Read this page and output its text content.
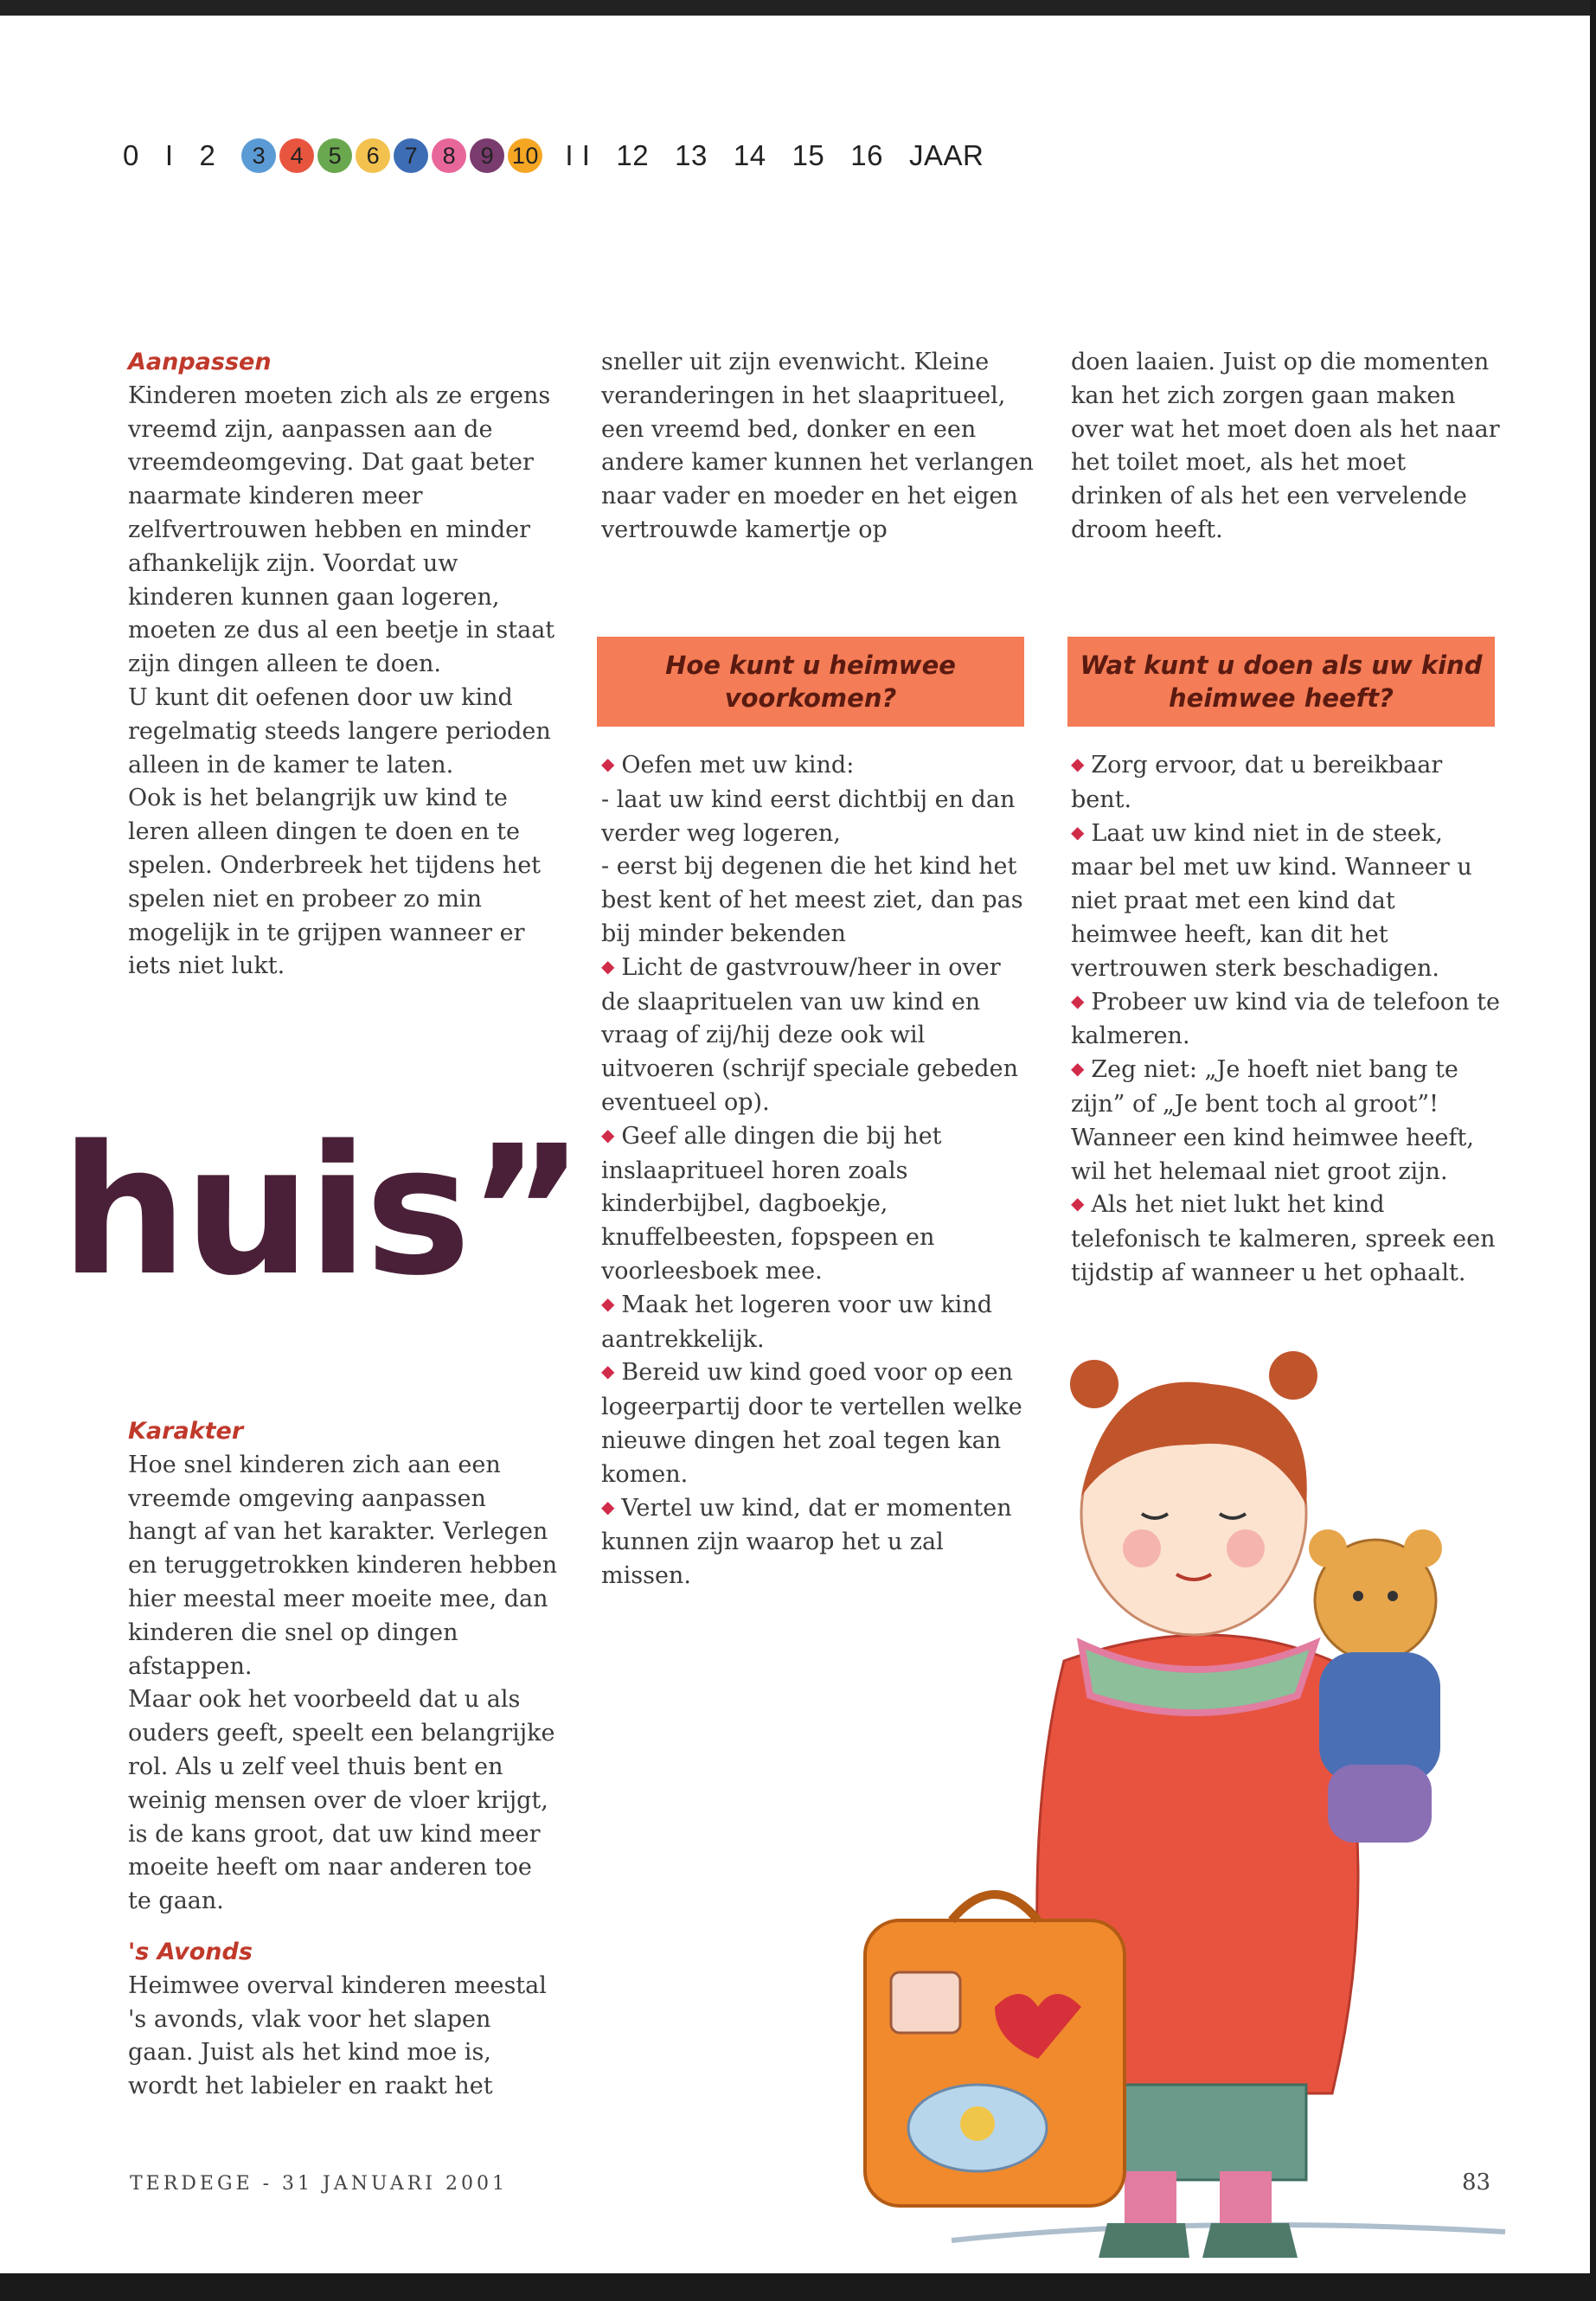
0 I 2	3	4	5	6	7	8	9 10 I I 12 13 14 15 16 JAAR
Aanpassen

Kinderen moeten zich als ze ergens vreemd zijn, aanpassen aan de vreemdeomgeving. Dat gaat beter naarmate kinderen meer zelfvertrouwen hebben en minder afhankelijk zijn. Voordat uw kinderen kunnen gaan logeren, moeten ze dus al een beetje in staat zijn dingen alleen te doen.

U kunt dit oefenen door uw kind regelmatig steeds langere perioden alleen in de kamer te laten.

Ook is het belangrijk uw kind te leren alleen dingen te doen en te spelen. Onderbreek het tijdens het spelen niet en probeer zo min mogelijk in te grijpen wanneer er iets niet lukt.

huis”
Karakter

Hoe snel kinderen zich aan een vreemde omgeving aanpassen hangt af van het karakter. Verlegen en teruggetrokken kinderen hebben hier meestal meer moeite mee, dan kinderen die snel op dingen afstappen.

Maar ook het voorbeeld dat u als ouders geeft, speelt een belangrijke rol. Als u zelf veel thuis bent en weinig mensen over de vloer krijgt, is de kans groot, dat uw kind meer moeite heeft om naar anderen toe te gaan.

's Avonds

Heimwee overval kinderen meestal 's avonds, vlak voor het slapen gaan. Juist als het kind moe is, wordt het labieler en raakt het

sneller uit zijn evenwicht. Kleine veranderingen in het slaapritueel, een vreemd bed, donker en een andere kamer kunnen het verlangen naar vader en moeder en het eigen vertrouwde kamertje op

Hoe kunt u heimwee voorkomen?
◆ Oefen met uw kind:
- laat uw kind eerst dichtbij en dan verder weg logeren,
- eerst bij degenen die het kind het best kent of het meest ziet, dan pas bij minder bekenden
◆ Licht de gastvrouw/heer in over de slaaprituelen van uw kind en vraag of zij/hij deze ook wil uitvoeren (schrijf speciale gebeden eventueel op).
◆ Geef alle dingen die bij het inslaapritueel horen zoals kinderbijbel, dagboekje, knuffelbeesten, fopspeen en voorleesboek mee.
◆ Maak het logeren voor uw kind aantrekkelijk.
◆ Bereid uw kind goed voor op een logeerpartij door te vertellen welke nieuwe dingen het zoal tegen kan komen.
◆ Vertel uw kind, dat er momenten kunnen zijn waarop het u zal missen.

doen laaien. Juist op die momenten kan het zich zorgen gaan maken over wat het moet doen als het naar het toilet moet, als het moet drinken of als het een vervelende droom heeft.

Wat kunt u doen als uw kind heimwee heeft?
◆ Zorg ervoor, dat u bereikbaar bent.
◆ Laat uw kind niet in de steek, maar bel met uw kind. Wanneer u niet praat met een kind dat heimwee heeft, kan dit het vertrouwen sterk beschadigen.
◆ Probeer uw kind via de telefoon te kalmeren.
◆ Zeg niet: „Je hoeft niet bang te zijn” of „Je bent toch al groot”! Wanneer een kind heimwee heeft, wil het helemaal niet groot zijn.
◆ Als het niet lukt het kind telefonisch te kalmeren, spreek een tijdstip af wanneer u het ophaalt.
TERDEGE - 31 JANUARI 2001	83
